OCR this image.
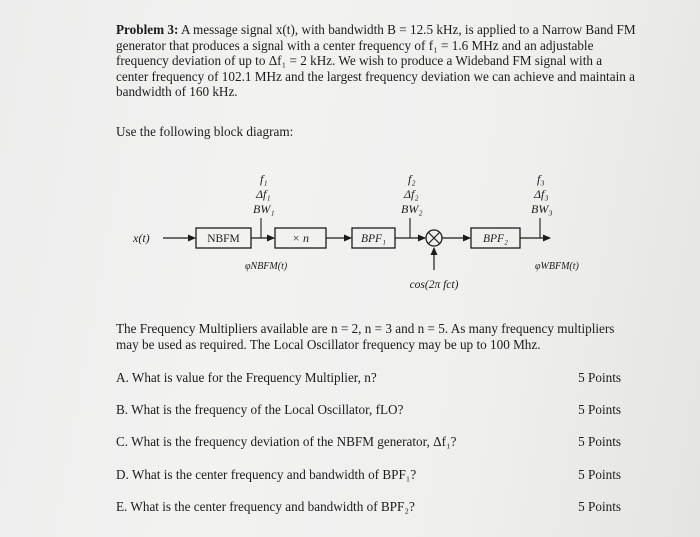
Problem 3: A message signal x(t), with bandwidth B = 12.5 kHz, is applied to a Narrow Band FM generator that produces a signal with a center frequency of f₁ = 1.6 MHz and an adjustable frequency deviation of up to Δf₁ = 2 kHz. We wish to produce a Wideband FM signal with a center frequency of 102.1 MHz and the largest frequency deviation we can achieve and maintain a bandwidth of 160 kHz.
Use the following block diagram:
f₁
Δf₁
BW₁
f₂
Δf₂
BW₂
f₃
Δf₃
BW₃
x(t)	NBFM	× n	BPF₁
cos(2π fct)
BPF₂
φNBFM(t)	φWBFM(t)
The Frequency Multipliers available are n = 2, n = 3 and n = 5. As many frequency multipliers may be used as required. The Local Oscillator frequency may be up to 100 Mhz.
A. What is value for the Frequency Multiplier, n?	5 Points
B. What is the frequency of the Local Oscillator, fLO?	5 Points
C. What is the frequency deviation of the NBFM generator, Δf₁?	5 Points
D. What is the center frequency and bandwidth of BPF₁?	5 Points
E. What is the center frequency and bandwidth of BPF₂?	5 Points
